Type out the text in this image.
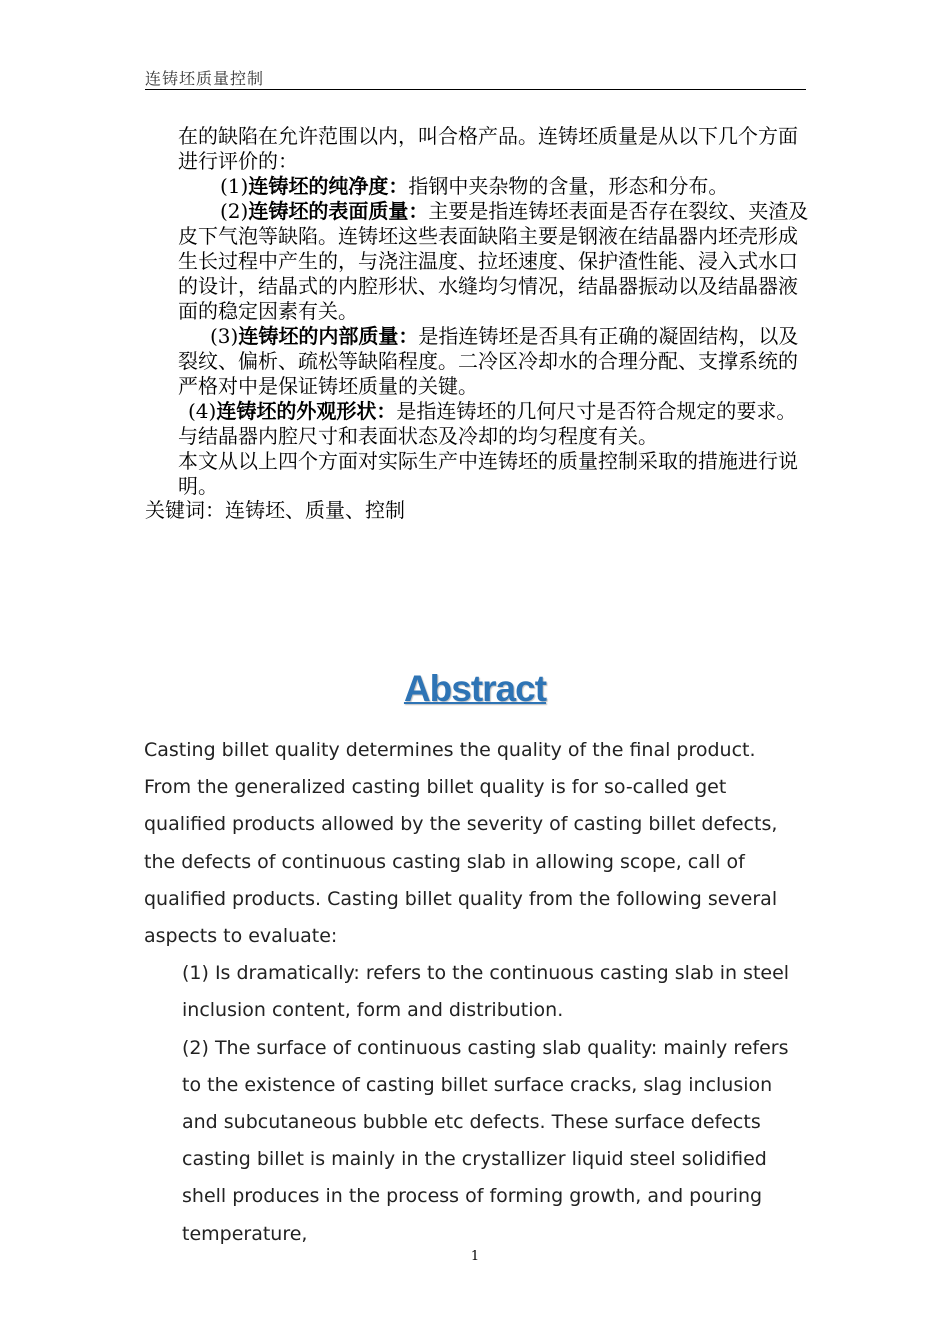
连铸坯质量控制
在的缺陷在允许范围以内，叫合格产品。连铸坯质量是从以下几个方面进行评价的：
(1)连铸坯的纯净度：指钢中夹杂物的含量，形态和分布。
(2)连铸坯的表面质量：主要是指连铸坯表面是否存在裂纹、夹渣及皮下气泡等缺陷。连铸坯这些表面缺陷主要是钢液在结晶器内坯壳形成生长过程中产生的，与浇注温度、拉坯速度、保护渣性能、浸入式水口的设计，结晶式的内腔形状、水缝均匀情况，结晶器振动以及结晶器液面的稳定因素有关。
(3)连铸坯的内部质量：是指连铸坯是否具有正确的凝固结构，以及裂纹、偏析、疏松等缺陷程度。二冷区冷却水的合理分配、支撑系统的严格对中是保证铸坯质量的关键。
(4)连铸坯的外观形状：是指连铸坯的几何尺寸是否符合规定的要求。与结晶器内腔尺寸和表面状态及冷却的均匀程度有关。
本文从以上四个方面对实际生产中连铸坯的质量控制采取的措施进行说明。
关键词：连铸坯、质量、控制
Abstract

Casting billet quality determines the quality of the final product. From the generalized casting billet quality is for so-called get qualified products allowed by the severity of casting billet defects, the defects of continuous casting slab in allowing scope, call of qualified products. Casting billet quality from the following several aspects to evaluate:

(1) Is dramatically: refers to the continuous casting slab in steel inclusion content, form and distribution.

(2) The surface of continuous casting slab quality: mainly refers to the existence of casting billet surface cracks, slag inclusion and subcutaneous bubble etc defects. These surface defects casting billet is mainly in the crystallizer liquid steel solidified shell produces in the process of forming growth, and pouring temperature,

1
